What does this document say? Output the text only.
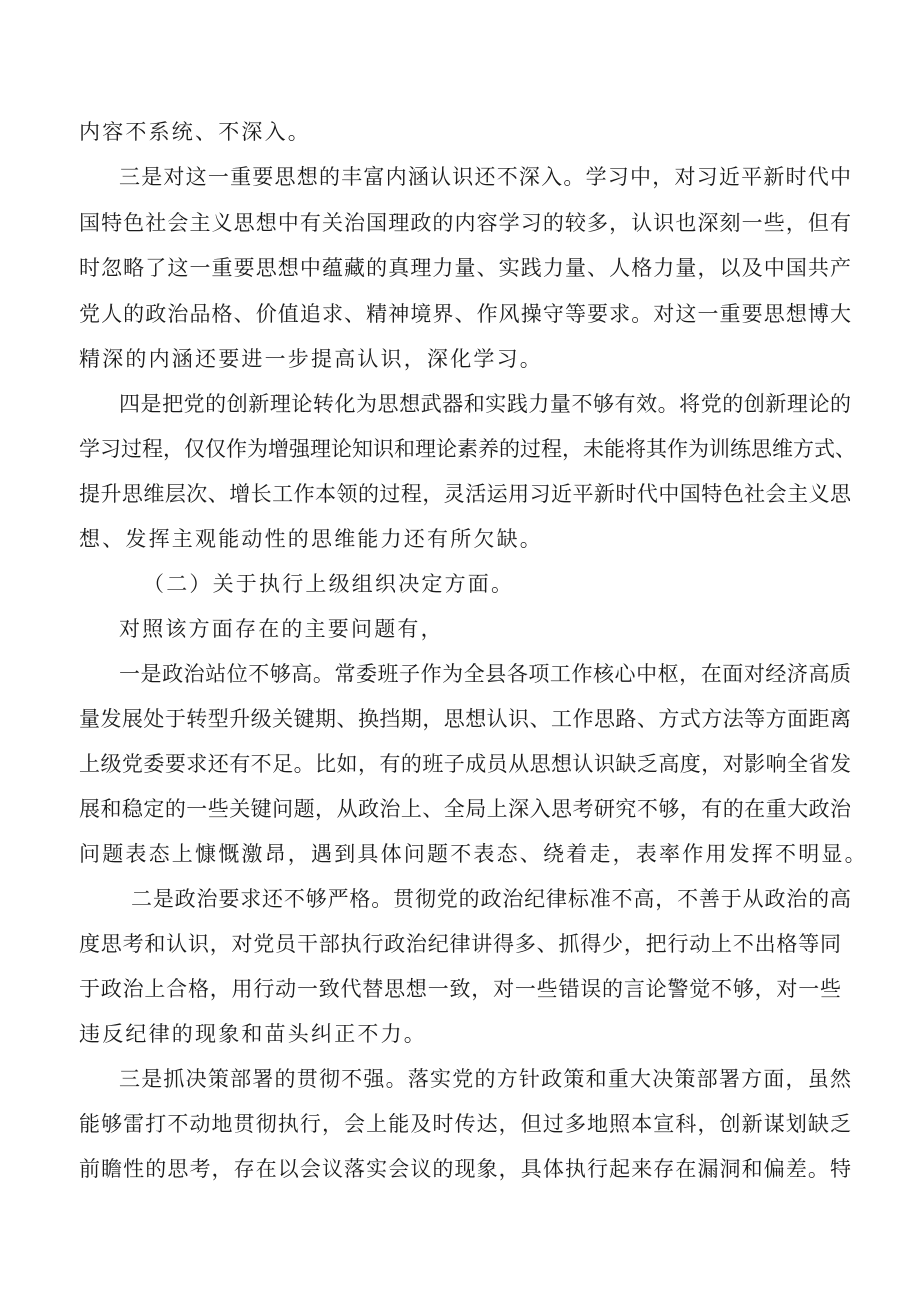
内容不系统、不深入。
三是对这一重要思想的丰富内涵认识还不深入。学习中，对习近平新时代中
国特色社会主义思想中有关治国理政的内容学习的较多，认识也深刻一些，但有
时忽略了这一重要思想中蕴藏的真理力量、实践力量、人格力量，以及中国共产
党人的政治品格、价值追求、精神境界、作风操守等要求。对这一重要思想博大
精深的内涵还要进一步提高认识，深化学习。
四是把党的创新理论转化为思想武器和实践力量不够有效。将党的创新理论的
学习过程，仅仅作为增强理论知识和理论素养的过程，未能将其作为训练思维方式、
提升思维层次、增长工作本领的过程，灵活运用习近平新时代中国特色社会主义思
想、发挥主观能动性的思维能力还有所欠缺。
（二）关于执行上级组织决定方面。
对照该方面存在的主要问题有，
一是政治站位不够高。常委班子作为全县各项工作核心中枢，在面对经济高质
量发展处于转型升级关键期、换挡期，思想认识、工作思路、方式方法等方面距离
上级党委要求还有不足。比如，有的班子成员从思想认识缺乏高度，对影响全省发
展和稳定的一些关键问题，从政治上、全局上深入思考研究不够，有的在重大政治
问题表态上慷慨激昂，遇到具体问题不表态、绕着走，表率作用发挥不明显。
二是政治要求还不够严格。贯彻党的政治纪律标准不高，不善于从政治的高
度思考和认识，对党员干部执行政治纪律讲得多、抓得少，把行动上不出格等同
于政治上合格，用行动一致代替思想一致，对一些错误的言论警觉不够，对一些
违反纪律的现象和苗头纠正不力。
三是抓决策部署的贯彻不强。落实党的方针政策和重大决策部署方面，虽然
能够雷打不动地贯彻执行，会上能及时传达，但过多地照本宣科，创新谋划缺乏
前瞻性的思考，存在以会议落实会议的现象，具体执行起来存在漏洞和偏差。特
